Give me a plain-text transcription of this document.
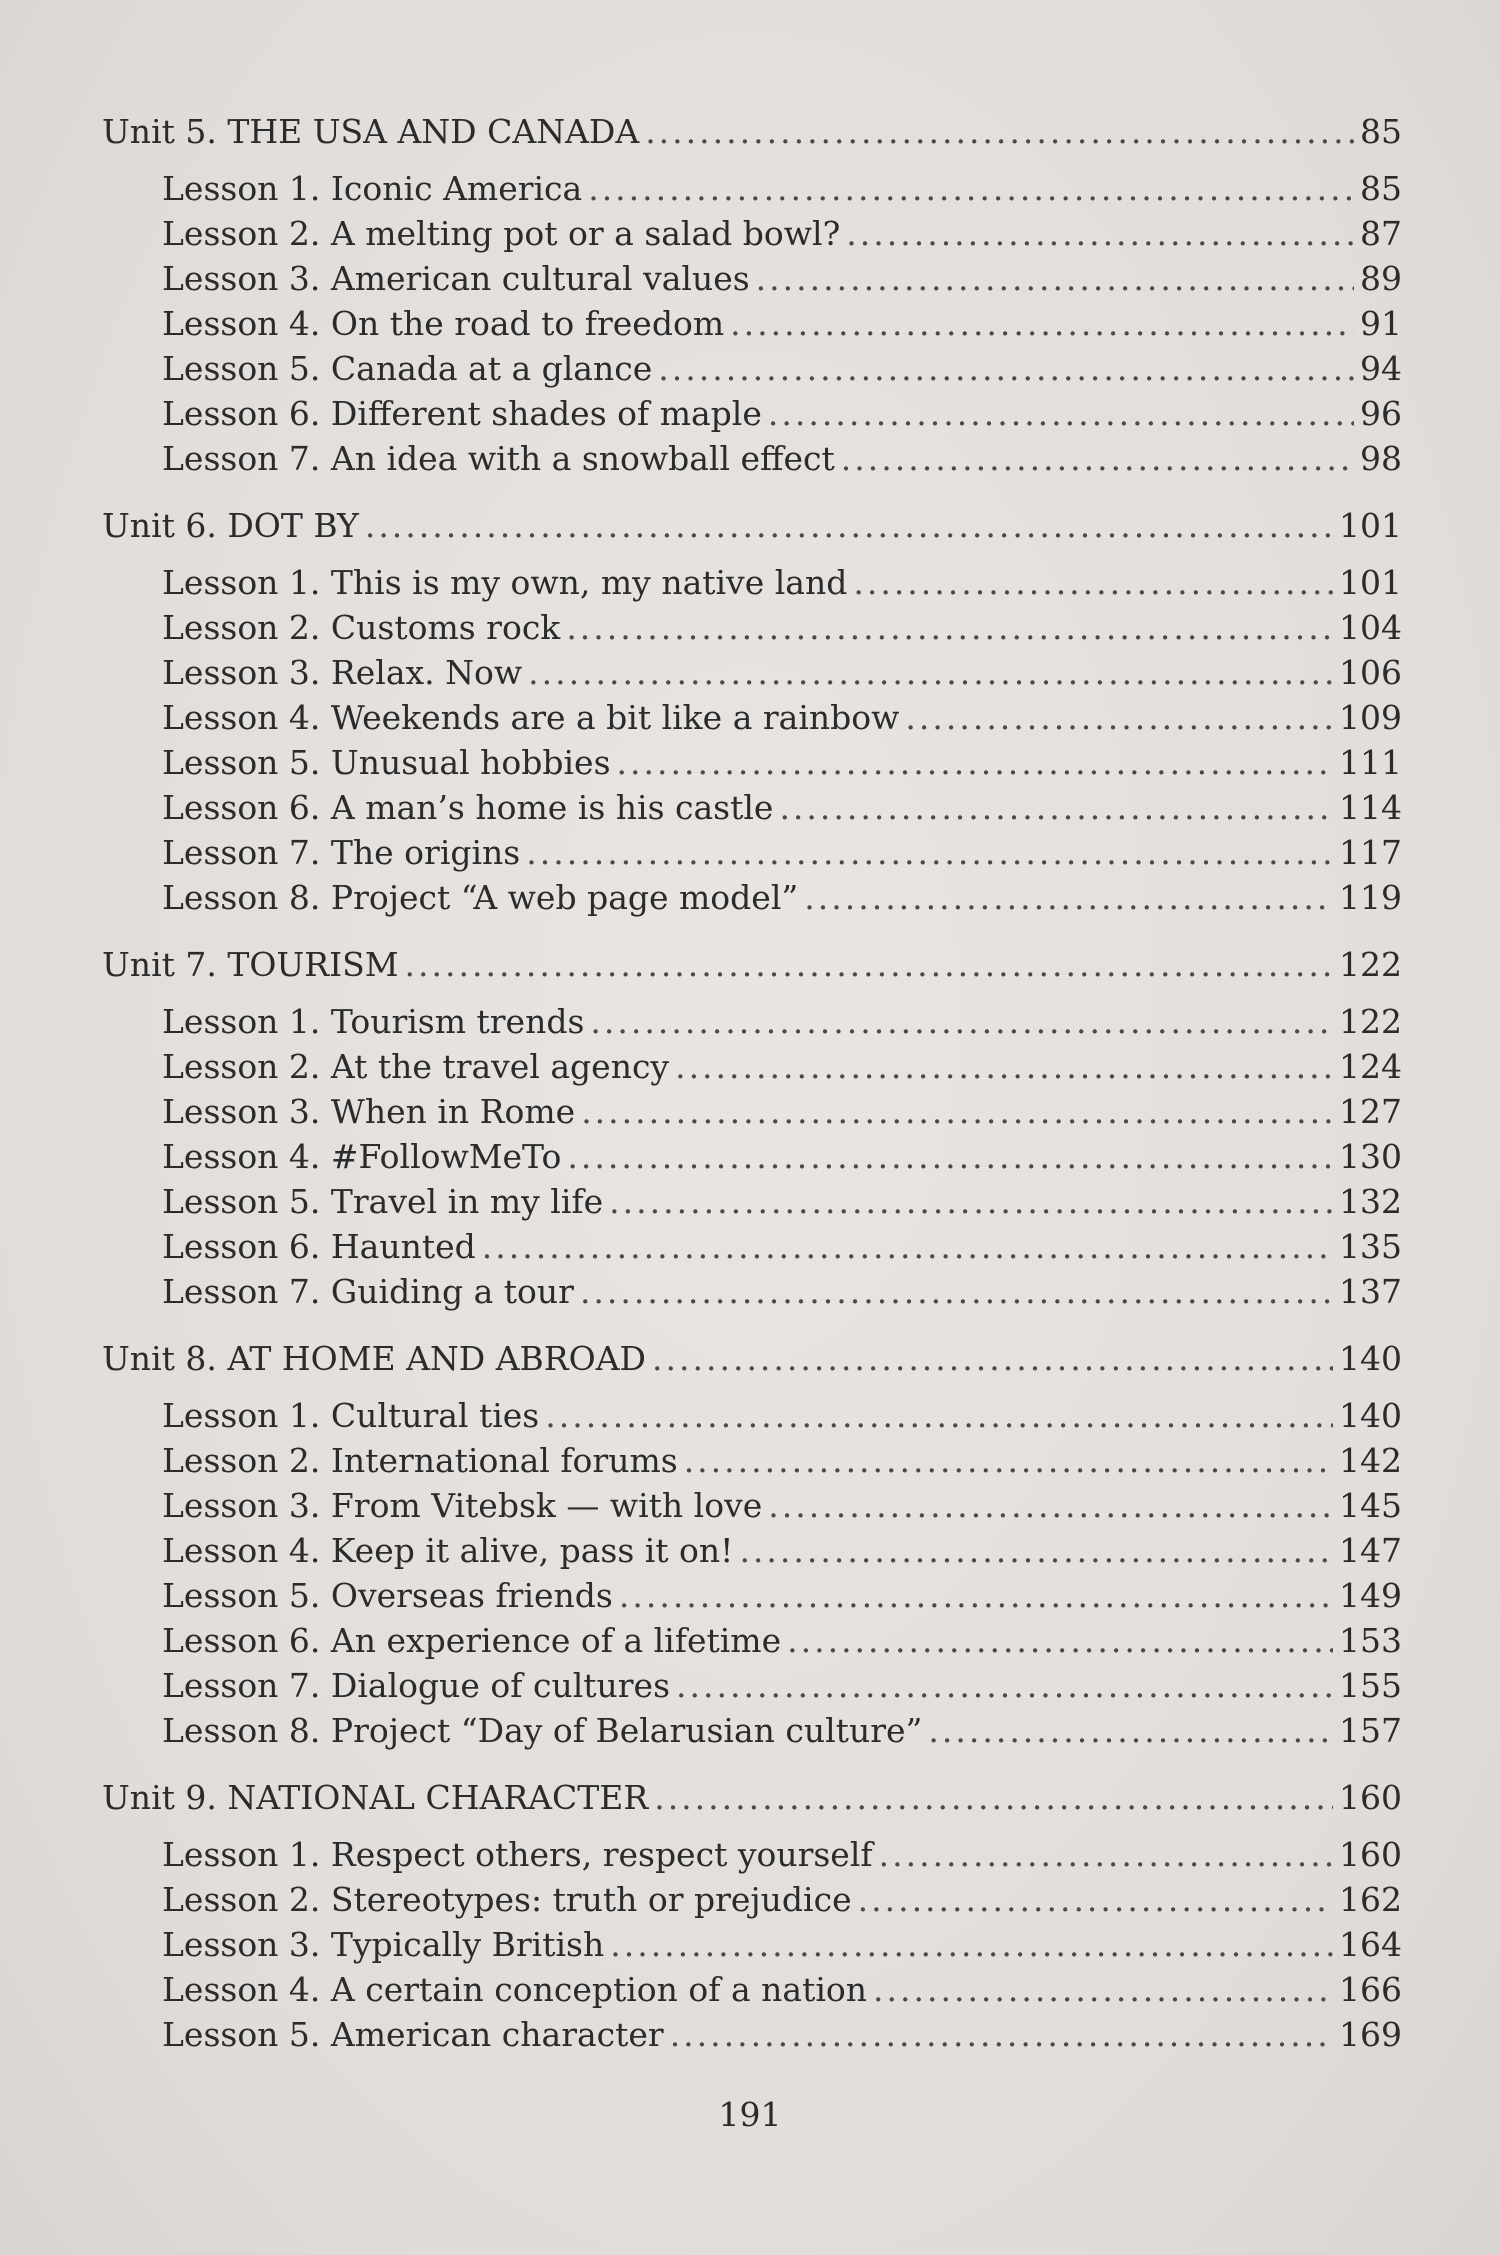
Unit 5. THE USA AND CANADA .....	85
Lesson 1. Iconic America .....	85
Lesson 2. A melting pot or a salad bowl? .....	87
Lesson 3. American cultural values .....	89
Lesson 4. On the road to freedom .....	91
Lesson 5. Canada at a glance .....	94
Lesson 6. Different shades of maple .....	96
Lesson 7. An idea with a snowball effect .....	98
Unit 6. DOT BY .....	101
Lesson 1. This is my own, my native land .....	101
Lesson 2. Customs rock .....	104
Lesson 3. Relax. Now .....	106
Lesson 4. Weekends are a bit like a rainbow .....	109
Lesson 5. Unusual hobbies .....	111
Lesson 6. A man’s home is his castle .....	114
Lesson 7. The origins .....	117
Lesson 8. Project “A web page model” .....	119
Unit 7. TOURISM .....	122
Lesson 1. Tourism trends .....	122
Lesson 2. At the travel agency .....	124
Lesson 3. When in Rome .....	127
Lesson 4. #FollowMeTo .....	130
Lesson 5. Travel in my life .....	132
Lesson 6. Haunted .....	135
Lesson 7. Guiding a tour .....	137
Unit 8. AT HOME AND ABROAD .....	140
Lesson 1. Cultural ties .....	140
Lesson 2. International forums .....	142
Lesson 3. From Vitebsk — with love .....	145
Lesson 4. Keep it alive, pass it on! .....	147
Lesson 5. Overseas friends .....	149
Lesson 6. An experience of a lifetime .....	153
Lesson 7. Dialogue of cultures .....	155
Lesson 8. Project “Day of Belarusian culture” .....	157
Unit 9. NATIONAL CHARACTER .....	160
Lesson 1. Respect others, respect yourself .....	160
Lesson 2. Stereotypes: truth or prejudice .....	162
Lesson 3. Typically British .....	164
Lesson 4. A certain conception of a nation .....	166
Lesson 5. American character .....	169
191
